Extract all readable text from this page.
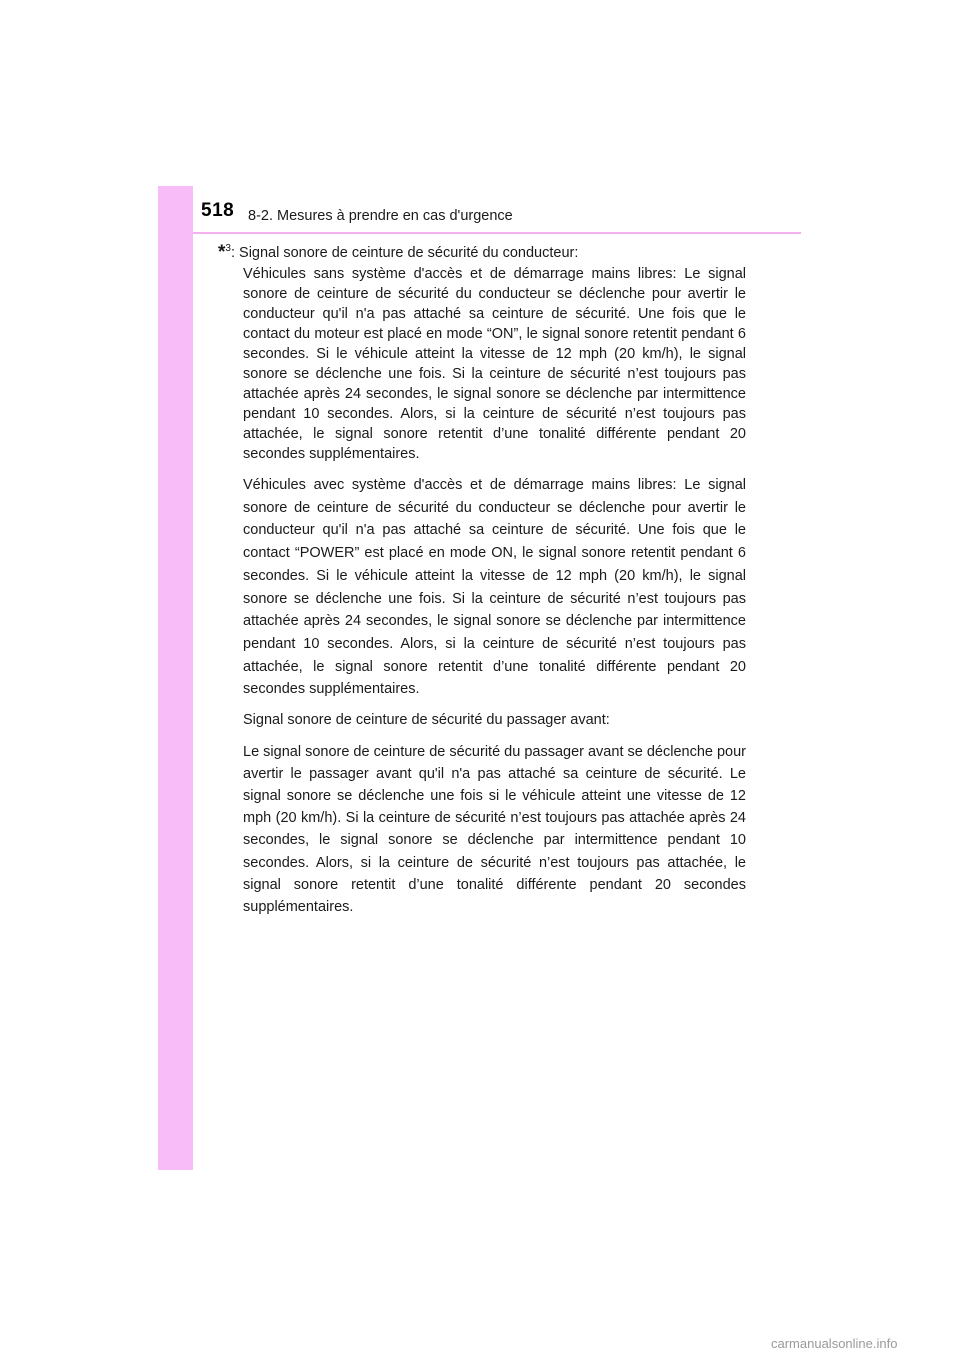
518 8-2. Mesures à prendre en cas d'urgence
*$^3$: Signal sonore de ceinture de sécurité du conducteur:

Véhicules sans système d'accès et de démarrage mains libres: Le signal sonore de ceinture de sécurité du conducteur se déclenche pour avertir le conducteur qu'il n'a pas attaché sa ceinture de sécurité. Une fois que le contact du moteur est placé en mode “ON”, le signal sonore retentit pendant 6 secondes. Si le véhicule atteint la vitesse de 12 mph (20 km/h), le signal sonore se déclenche une fois. Si la ceinture de sécurité n’est toujours pas attachée après 24 secondes, le signal sonore se déclenche par intermittence pendant 10 secondes. Alors, si la ceinture de sécurité n’est toujours pas attachée, le signal sonore retentit d’une tonalité différente pendant 20 secondes supplémentaires.

Véhicules avec système d'accès et de démarrage mains libres: Le signal sonore de ceinture de sécurité du conducteur se déclenche pour avertir le conducteur qu'il n'a pas attaché sa ceinture de sécurité. Une fois que le contact “POWER” est placé en mode ON, le signal sonore retentit pendant 6 secondes. Si le véhicule atteint la vitesse de 12 mph (20 km/h), le signal sonore se déclenche une fois. Si la ceinture de sécurité n’est toujours pas attachée après 24 secondes, le signal sonore se déclenche par intermittence pendant 10 secondes. Alors, si la ceinture de sécurité n’est toujours pas attachée, le signal sonore retentit d’une tonalité différente pendant 20 secondes supplémentaires.

Signal sonore de ceinture de sécurité du passager avant:

Le signal sonore de ceinture de sécurité du passager avant se déclenche pour avertir le passager avant qu'il n'a pas attaché sa ceinture de sécurité. Le signal sonore se déclenche une fois si le véhicule atteint une vitesse de 12 mph (20 km/h). Si la ceinture de sécurité n’est toujours pas attachée après 24 secondes, le signal sonore se déclenche par intermittence pendant 10 secondes. Alors, si la ceinture de sécurité n’est toujours pas attachée, le signal sonore retentit d’une tonalité différente pendant 20 secondes supplémentaires.

carmanualsonline.info
